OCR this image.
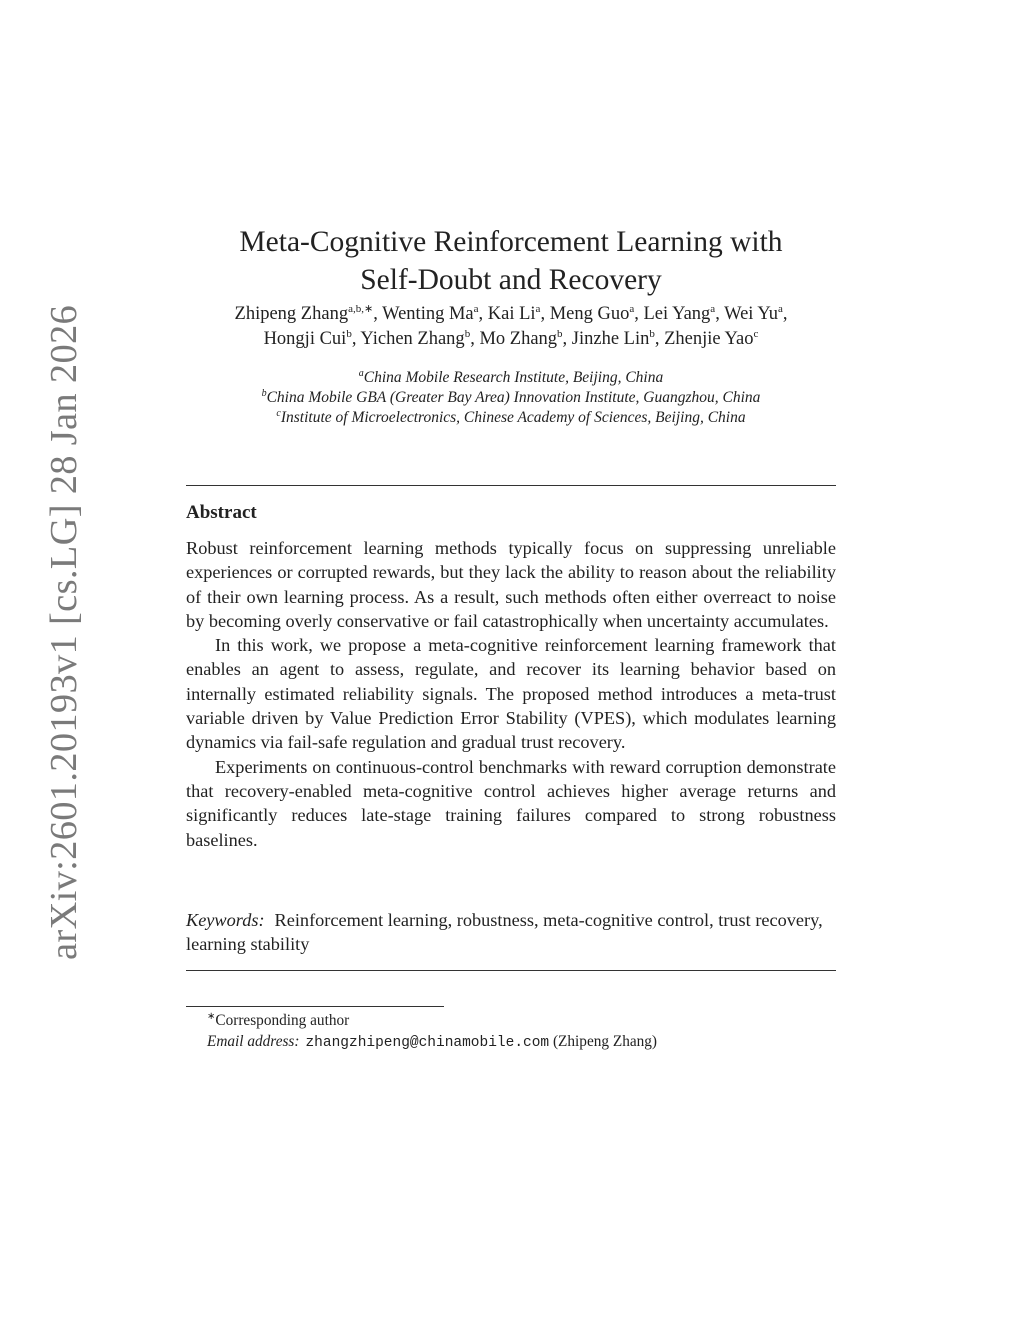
arXiv:2601.20193v1 [cs.LG] 28 Jan 2026
Meta-Cognitive Reinforcement Learning with
Self-Doubt and Recovery
Zhipeng Zhang$^{a,b,∗}$, Wenting Ma$^a$, Kai Li$^a$, Meng Guo$^a$, Lei Yang$^a$, Wei Yu$^a$,
Hongji Cui$^b$, Yichen Zhang$^b$, Mo Zhang$^b$, Jinzhe Lin$^b$, Zhenjie Yao$^c$
$^a$China Mobile Research Institute, Beijing, China
$^b$China Mobile GBA (Greater Bay Area) Innovation Institute, Guangzhou, China
$^c$Institute of Microelectronics, Chinese Academy of Sciences, Beijing, China
Abstract

Robust reinforcement learning methods typically focus on suppressing unreliable experiences or corrupted rewards, but they lack the ability to reason about the reliability of their own learning process. As a result, such methods often either overreact to noise by becoming overly conservative or fail catastrophically when uncertainty accumulates.

In this work, we propose a meta-cognitive reinforcement learning framework that enables an agent to assess, regulate, and recover its learning behavior based on internally estimated reliability signals. The proposed method introduces a meta-trust variable driven by Value Prediction Error Stability (VPES), which modulates learning dynamics via fail-safe regulation and gradual trust recovery.

Experiments on continuous-control benchmarks with reward corruption demonstrate that recovery-enabled meta-cognitive control achieves higher average returns and significantly reduces late-stage training failures compared to strong robustness baselines.

Keywords: Reinforcement learning, robustness, meta-cognitive control, trust recovery, learning stability
∗Corresponding author
Email address: zhangzhipeng@chinamobile.com (Zhipeng Zhang)
